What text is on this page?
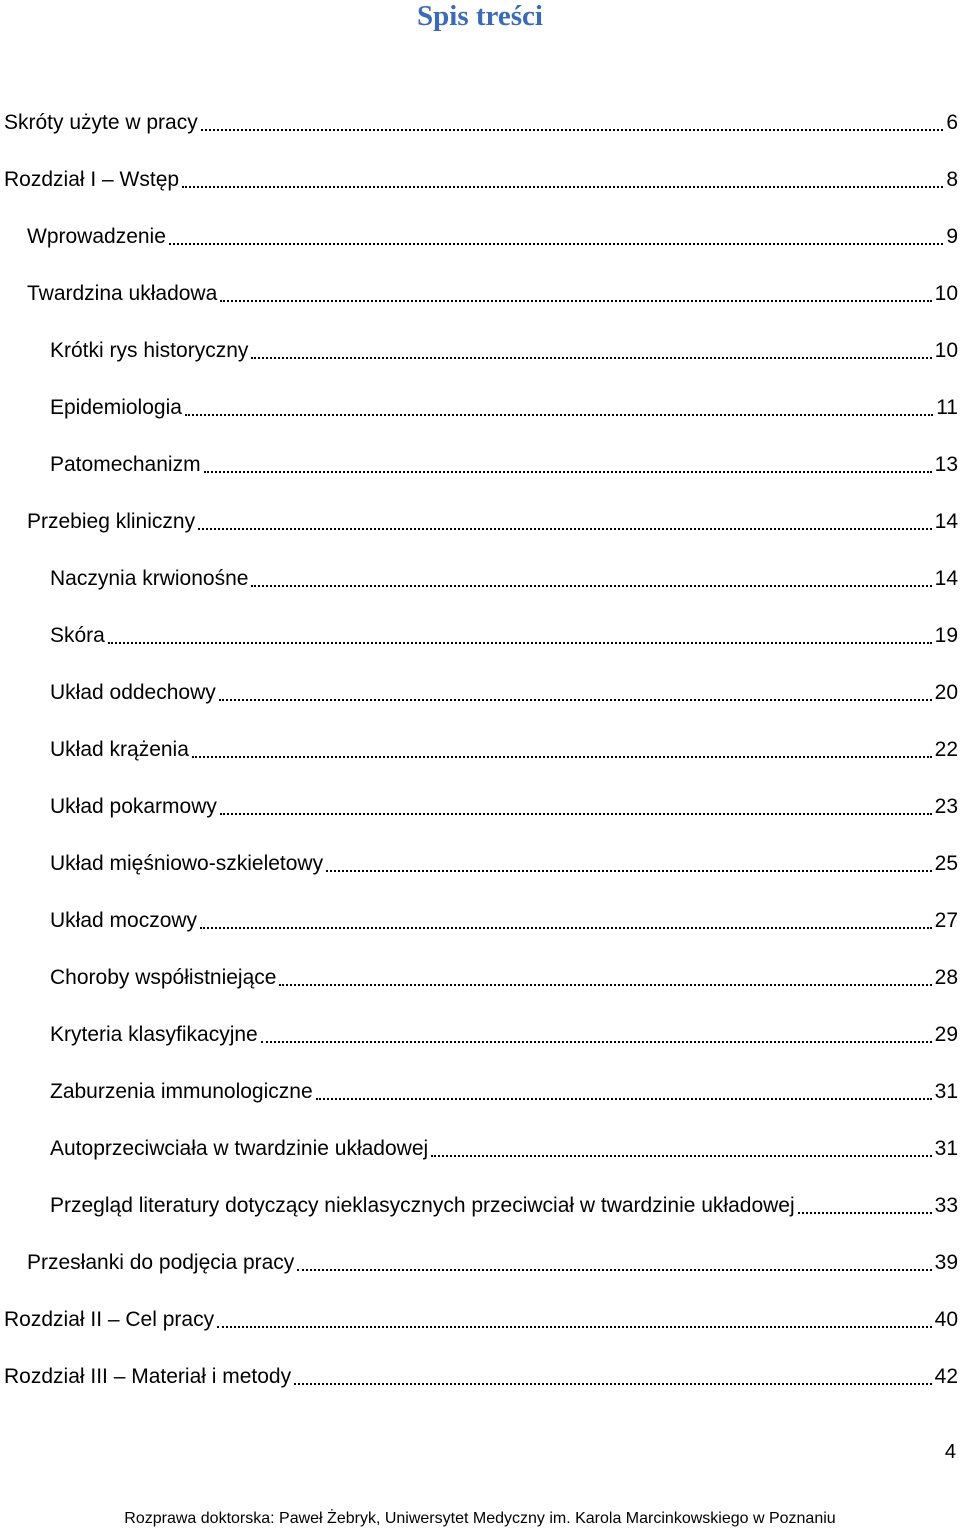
Spis treści
Skróty użyte w pracy	6
Rozdział I – Wstęp	8
Wprowadzenie	9
Twardzina układowa	10
Krótki rys historyczny	10
Epidemiologia	11
Patomechanizm	13
Przebieg kliniczny	14
Naczynia krwionośne	14
Skóra	19
Układ oddechowy	20
Układ krążenia	22
Układ pokarmowy	23
Układ mięśniowo-szkieletowy	25
Układ moczowy	27
Choroby współistniejące	28
Kryteria klasyfikacyjne	29
Zaburzenia immunologiczne	31
Autoprzeciwciała w twardzinie układowej	31
Przegląd literatury dotyczący nieklasycznych przeciwciał w twardzinie układowej	33
Przesłanki do podjęcia pracy	39
Rozdział II – Cel pracy	40
Rozdział III – Materiał i metody	42
4
Rozprawa doktorska: Paweł Żebryk, Uniwersytet Medyczny im. Karola Marcinkowskiego w Poznaniu
